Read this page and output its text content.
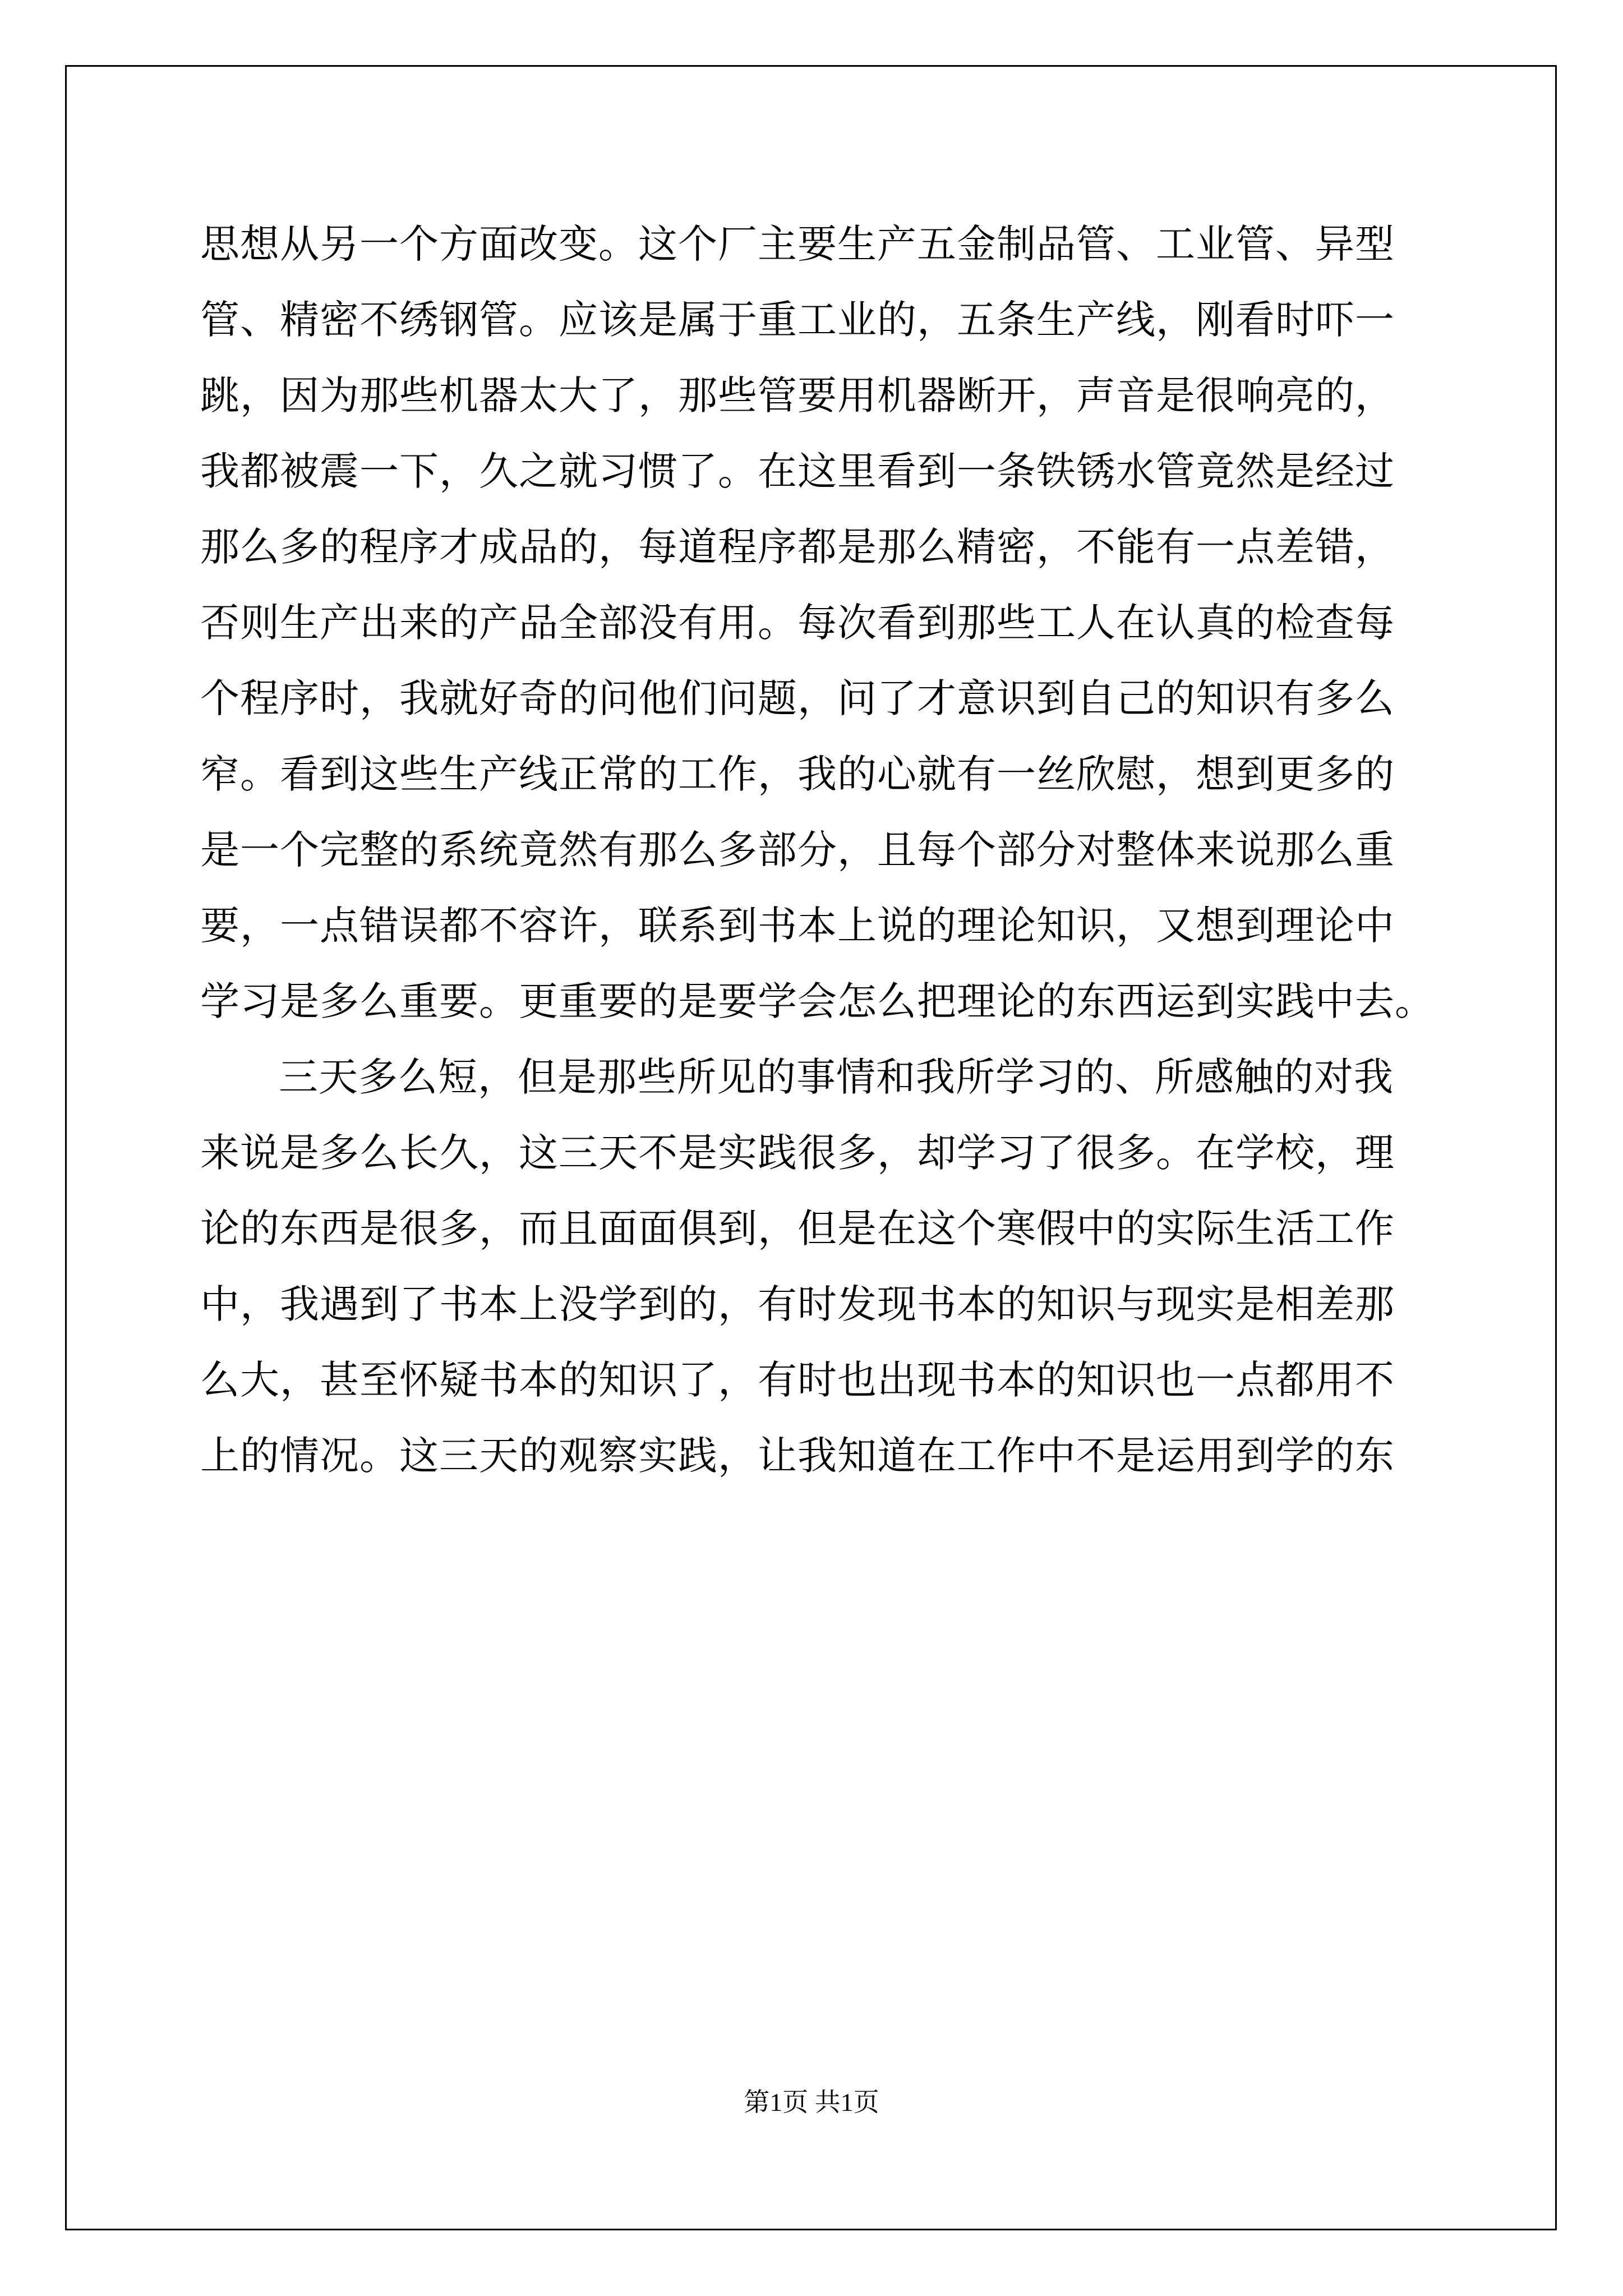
思想从另一个方面改变。这个厂主要生产五金制品管、工业管、异型
管、精密不绣钢管。应该是属于重工业的，五条生产线，刚看时吓一
跳，因为那些机器太大了，那些管要用机器断开，声音是很响亮的，
我都被震一下，久之就习惯了。在这里看到一条铁锈水管竟然是经过
那么多的程序才成品的，每道程序都是那么精密，不能有一点差错，
否则生产出来的产品全部没有用。每次看到那些工人在认真的检查每
个程序时，我就好奇的问他们问题，问了才意识到自己的知识有多么
窄。看到这些生产线正常的工作，我的心就有一丝欣慰，想到更多的
是一个完整的系统竟然有那么多部分，且每个部分对整体来说那么重
要，一点错误都不容许，联系到书本上说的理论知识，又想到理论中
学习是多么重要。更重要的是要学会怎么把理论的东西运到实践中去。
三天多么短，但是那些所见的事情和我所学习的、所感触的对我
来说是多么长久，这三天不是实践很多，却学习了很多。在学校，理
论的东西是很多，而且面面俱到，但是在这个寒假中的实际生活工作
中，我遇到了书本上没学到的，有时发现书本的知识与现实是相差那
么大，甚至怀疑书本的知识了，有时也出现书本的知识也一点都用不
上的情况。这三天的观察实践，让我知道在工作中不是运用到学的东
第1页 共1页
